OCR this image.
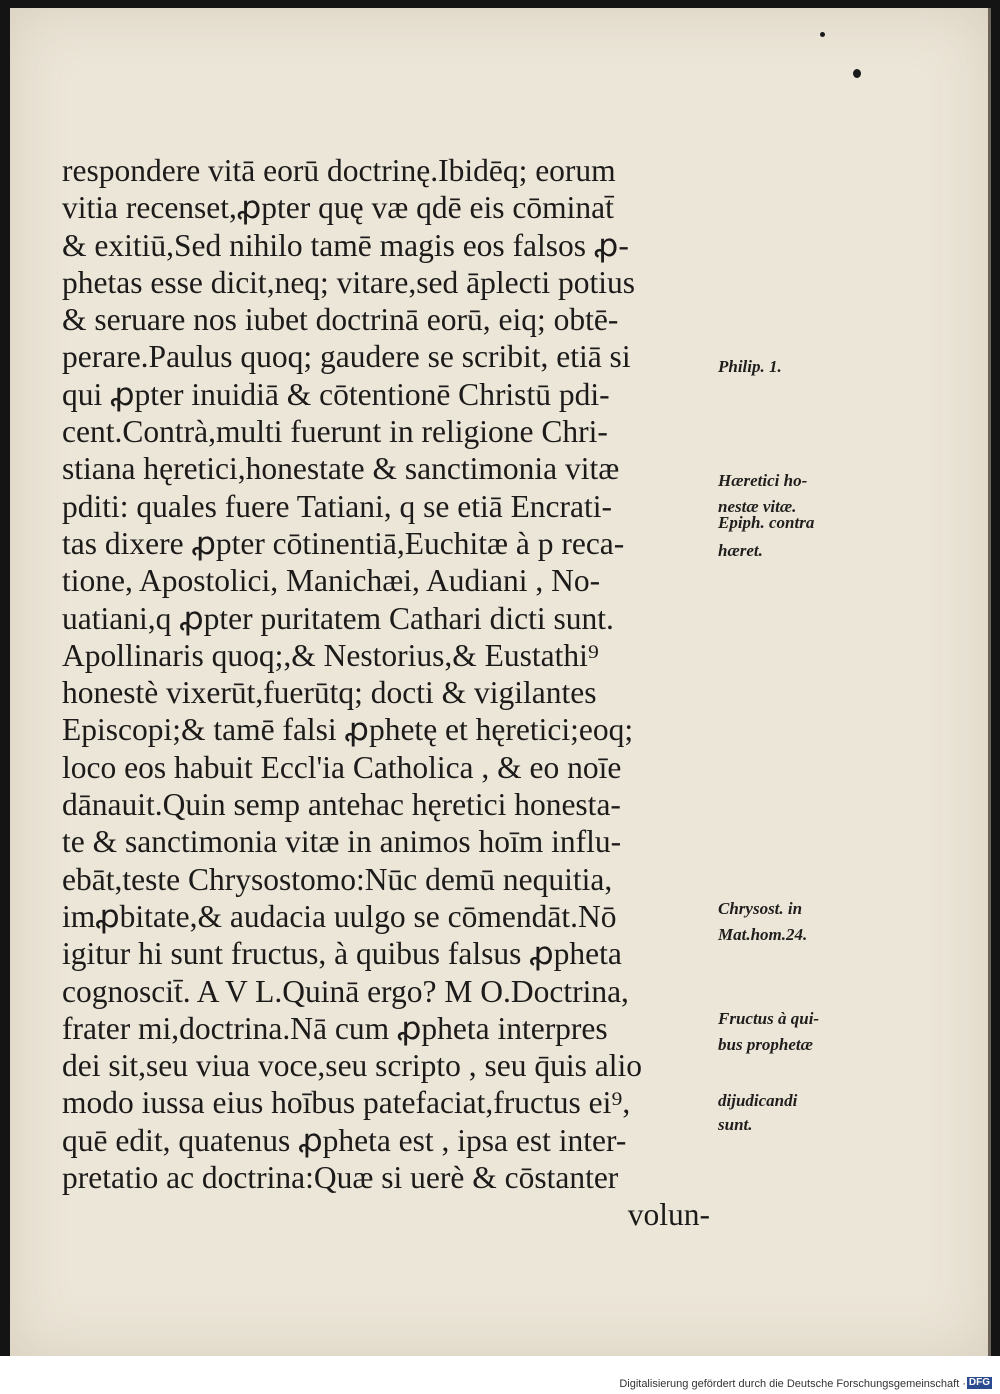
respondere vitā eorū doctrinę.Ibidēq; eorum
vitia recenset,ꝓpter quę væ qdē eis cōminat̄
& exitiū,Sed nihilo tamē magis eos falsos ꝓ-
phetas esse dicit,neq; vitare,sed āplecti potius
& seruare nos iubet doctrinā eorū, eiq; obtē-
perare.Paulus quoq; gaudere se scribit, etiā si
qui ꝓpter inuidiā & cōtentionē Christū pdi-
cent.Contrà,multi fuerunt in religione Chri-
stiana hęretici,honestate & sanctimonia vitæ
pditi: quales fuere Tatiani, q se etiā Encrati-
tas dixere ꝓpter cōtinentiā,Euchitæ à p reca-
tione, Apostolici, Manichæi, Audiani , No-
uatiani,q ꝓpter puritatem Cathari dicti sunt.
Apollinaris quoq;,& Nestorius,& Eustathi⁹
honestè vixerūt,fuerūtq; docti & vigilantes
Episcopi;& tamē falsi ꝓphetę et hęretici;eoq;
loco eos habuit Eccl'ia Catholica , & eo noīe
dānauit.Quin semp antehac hęretici honesta-
te & sanctimonia vitæ in animos hoīm influ-
ebāt,teste Chrysostomo:Nūc demū nequitia,
imꝓbitate,& audacia uulgo se cōmendāt.Nō
igitur hi sunt fructus, à quibus falsus ꝓpheta
cognoscit̄. A V L.Quinā ergo? M O.Doctrina,
frater mi,doctrina.Nā cum ꝓpheta interpres
dei sit,seu viua voce,seu scripto , seu q̄uis alio
modo iussa eius hoībus patefaciat,fructus ei⁹,
quē edit, quatenus ꝓpheta est , ipsa est inter-
pretatio ac doctrina:Quæ si uerè & cōstanter
volun-
Philip. 1.
Hæretici ho-
nestæ vitæ.
Epiph. contra
hæret.
Chrysost. in
Mat.hom.24.
Fructus à qui-
bus prophetæ
dijudicandi
sunt.
Digitalisierung gefördert durch die Deutsche Forschungsgemeinschaft · DFG
